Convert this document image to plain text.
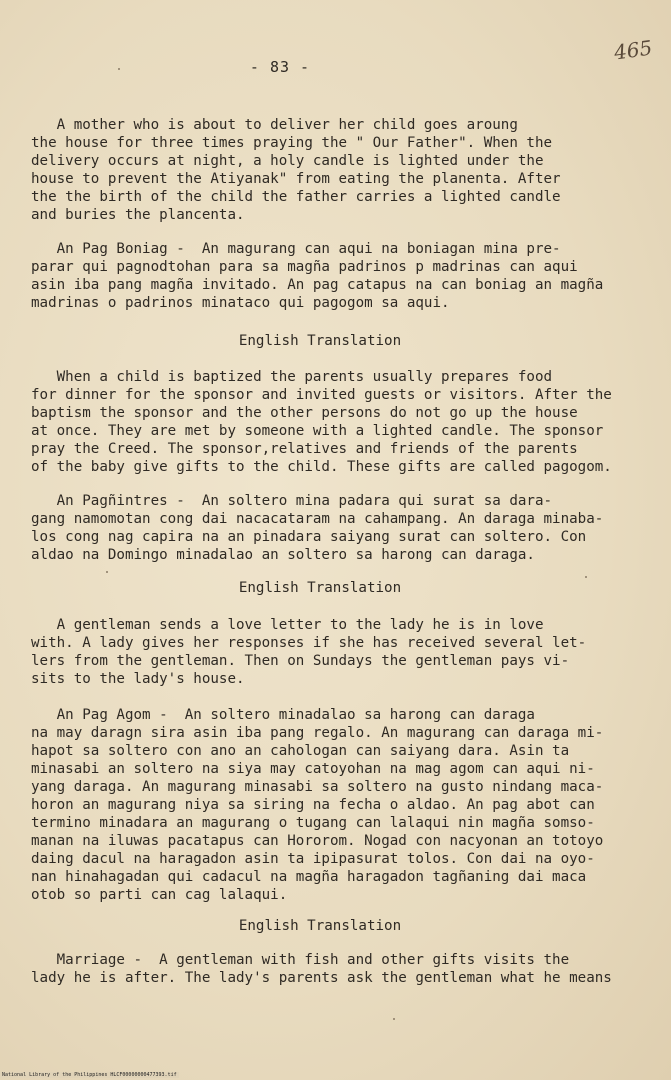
- 83 -
465
A mother who is about to deliver her child goes aroung
the house for three times praying the " Our Father". When the
delivery occurs at night, a holy candle is lighted under the
house to prevent the Atiyanak" from eating the planenta. After
the the birth of the child the father carries a lighted candle
and buries the plancenta.
An Pag Boniag -  An magurang can aqui na boniagan mina pre-
parar qui pagnodtohan para sa magña padrinos p madrinas can aqui
asin iba pang magña invitado. An pag catapus na can boniag an magña
madrinas o padrinos minataco qui pagogom sa aqui.
English Translation
When a child is baptized the parents usually prepares food
for dinner for the sponsor and invited guests or visitors. After the
baptism the sponsor and the other persons do not go up the house
at once. They are met by someone with a lighted candle. The sponsor
pray the Creed. The sponsor,relatives and friends of the parents
of the baby give gifts to the child. These gifts are called pagogom.
An Pagñintres -  An soltero mina padara qui surat sa dara-
gang namomotan cong dai nacacataram na cahampang. An daraga minaba-
los cong nag capira na an pinadara saiyang surat can soltero. Con
aldao na Domingo minadalao an soltero sa harong can daraga.
English Translation
A gentleman sends a love letter to the lady he is in love
with. A lady gives her responses if she has received several let-
lers from the gentleman. Then on Sundays the gentleman pays vi-
sits to the lady's house.
An Pag Agom -  An soltero minadalao sa harong can daraga
na may daragn sira asin iba pang regalo. An magurang can daraga mi-
hapot sa soltero con ano an cahologan can saiyang dara. Asin ta
minasabi an soltero na siya may catoyohan na mag agom can aqui ni-
yang daraga. An magurang minasabi sa soltero na gusto nindang maca-
horon an magurang niya sa siring na fecha o aldao. An pag abot can
termino minadara an magurang o tugang can lalaqui nin magña somso-
manan na iluwas pacatapus can Hororom. Nogad con nacyonan an totoyo
daing dacul na haragadon asin ta ipipasurat tolos. Con dai na oyo-
nan hinahagadan qui cadacul na magña haragadon tagñaning dai maca
otob so parti can cag lalaqui.
English Translation
Marriage -  A gentleman with fish and other gifts visits the
lady he is after. The lady's parents ask the gentleman what he means
National Library of the Philippines HLCF00000000477393.tif
